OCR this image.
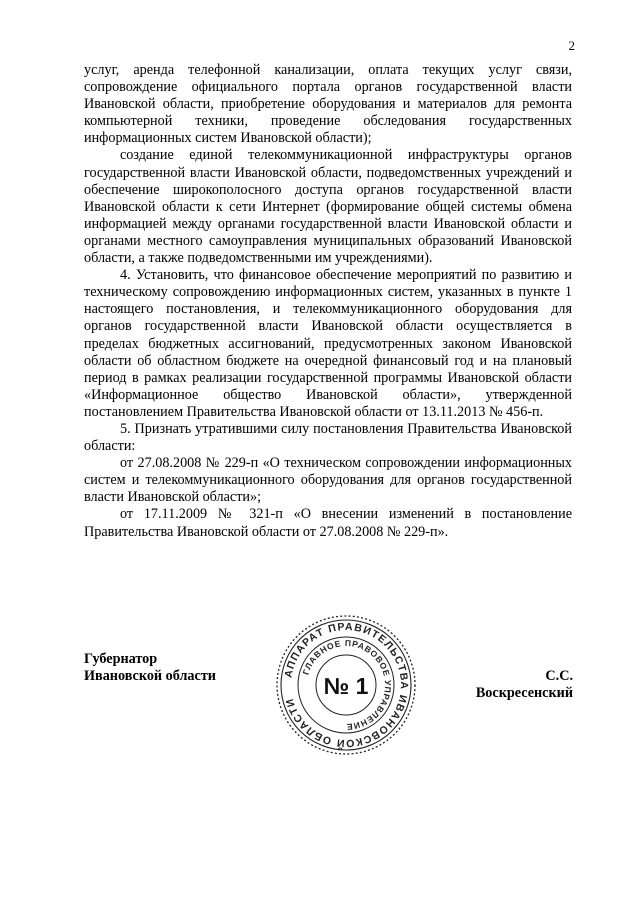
2

услуг, аренда телефонной канализации, оплата текущих услуг связи, сопровождение официального портала органов государственной власти Ивановской области, приобретение оборудования и материалов для ремонта компьютерной техники, проведение обследования государственных информационных систем Ивановской области);

создание единой телекоммуникационной инфраструктуры органов государственной власти Ивановской области, подведомственных учреждений и обеспечение широкополосного доступа органов государственной власти Ивановской области к сети Интернет (формирование общей системы обмена информацией между органами государственной власти Ивановской области и органами местного самоуправления муниципальных образований Ивановской области, а также подведомственными им учреждениями).

4. Установить, что финансовое обеспечение мероприятий по развитию и техническому сопровождению информационных систем, указанных в пункте 1 настоящего постановления, и телекоммуникационного оборудования для органов государственной власти Ивановской области осуществляется в пределах бюджетных ассигнований, предусмотренных законом Ивановской области об областном бюджете на очередной финансовый год и на плановый период в рамках реализации государственной программы Ивановской области «Информационное общество Ивановской области», утвержденной постановлением Правительства Ивановской области от 13.11.2013 № 456-п.

5. Признать утратившими силу постановления Правительства Ивановской области:

от 27.08.2008 № 229-п «О техническом сопровождении информационных систем и телекоммуникационного оборудования для органов государственной власти Ивановской области»;

от 17.11.2009 № 321-п «О внесении изменений в постановление Правительства Ивановской области от 27.08.2008 № 229-п».

Губернатор
Ивановской области	АППАРАТ ПРАВИТЕЛЬСТВА ИВАНОВСКОЙ ОБЛАСТИ
ГЛАВНОЕ ПРАВОВОЕ УПРАВЛЕНИЕ
№ 1	С.С. Воскресенский
